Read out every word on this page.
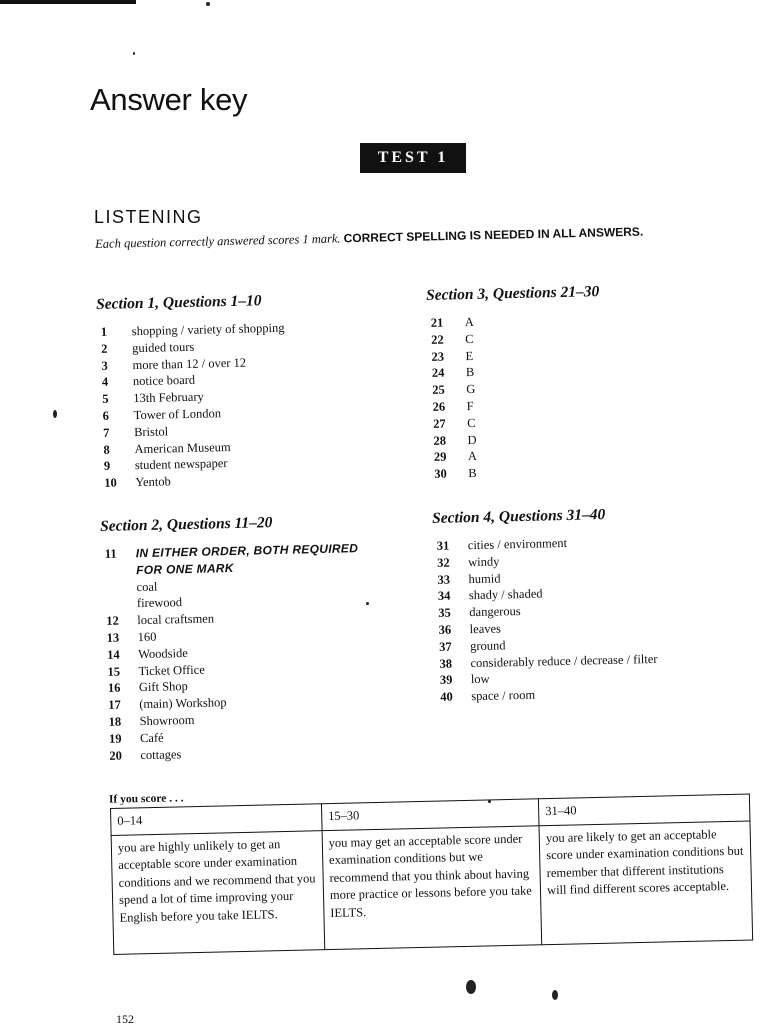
Answer key
TEST 1
LISTENING

Each question correctly answered scores 1 mark. CORRECT SPELLING IS NEEDED IN ALL ANSWERS.

Section 1, Questions 1–10
1	shopping / variety of shopping
2	guided tours
3	more than 12 / over 12
4	notice board
5	13th February
6	Tower of London
7	Bristol
8	American Museum
9	student newspaper
10	Yentob
Section 2, Questions 11–20
11	IN EITHER ORDER, BOTH REQUIRED
FOR ONE MARK
coal
firewood
12	local craftsmen
13	160
14	Woodside
15	Ticket Office
16	Gift Shop
17	(main) Workshop
18	Showroom
19	Café
20	cottages
Section 3, Questions 21–30
21	A
22	C
23	E
24	B
25	G
26	F
27	C
28	D
29	A
30	B
Section 4, Questions 31–40
31	cities / environment
32	windy
33	humid
34	shady / shaded
35	dangerous
36	leaves
37	ground
38	considerably reduce / decrease / filter
39	low
40	space / room

If you score . . .

0–14	15–30	31–40
you are highly unlikely to get an acceptable score under examination conditions and we recommend that you spend a lot of time improving your English before you take IELTS.	you may get an acceptable score under examination conditions but we recommend that you think about having more practice or lessons before you take IELTS.	you are likely to get an acceptable score under examination conditions but remember that different institutions will find different scores acceptable.
152
